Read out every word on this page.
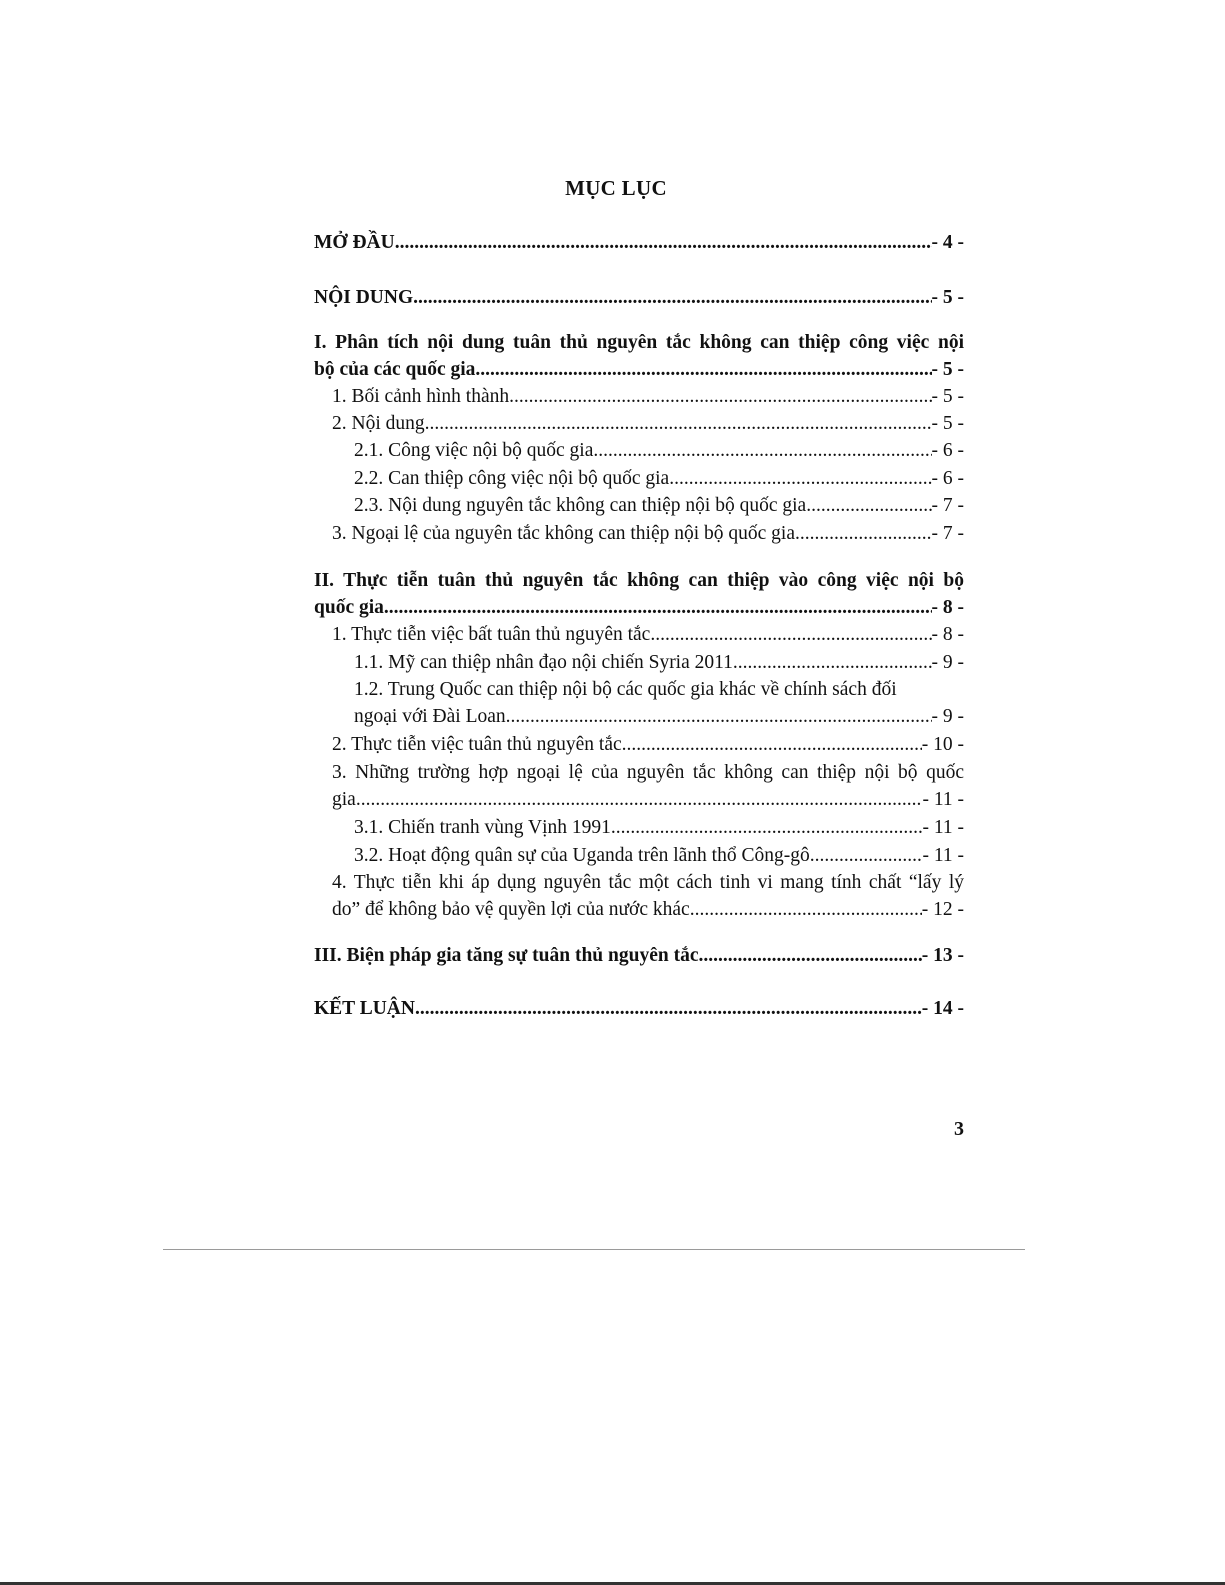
MỤC LỤC
MỞ ĐẦU .....	- 4 -
NỘI DUNG .....	- 5 -
I. Phân tích nội dung tuân thủ nguyên tắc không can thiệp công việc nội
bộ của các quốc gia .....	- 5 -
1. Bối cảnh hình thành .....	- 5 -
2. Nội dung .....	- 5 -
2.1. Công việc nội bộ quốc gia .....	- 6 -
2.2. Can thiệp công việc nội bộ quốc gia .....	- 6 -
2.3. Nội dung nguyên tắc không can thiệp nội bộ quốc gia .....	- 7 -
3. Ngoại lệ của nguyên tắc không can thiệp nội bộ quốc gia .....	- 7 -
II. Thực tiễn tuân thủ nguyên tắc không can thiệp vào công việc nội bộ
quốc gia .....	- 8 -
1. Thực tiễn việc bất tuân thủ nguyên tắc .....	- 8 -
1.1. Mỹ can thiệp nhân đạo nội chiến Syria 2011 .....	- 9 -
1.2. Trung Quốc can thiệp nội bộ các quốc gia khác về chính sách đối
ngoại với Đài Loan .....	- 9 -
2. Thực tiễn việc tuân thủ nguyên tắc .....	- 10 -
3. Những trường hợp ngoại lệ của nguyên tắc không can thiệp nội bộ quốc
gia .....	- 11 -
3.1. Chiến tranh vùng Vịnh 1991 .....	- 11 -
3.2. Hoạt động quân sự của Uganda trên lãnh thổ Công-gô .....	- 11 -
4. Thực tiễn khi áp dụng nguyên tắc một cách tinh vi mang tính chất “lấy lý
do” để không bảo vệ quyền lợi của nước khác .....	- 12 -
III. Biện pháp gia tăng sự tuân thủ nguyên tắc .....	- 13 -
KẾT LUẬN .....	- 14 -
3
